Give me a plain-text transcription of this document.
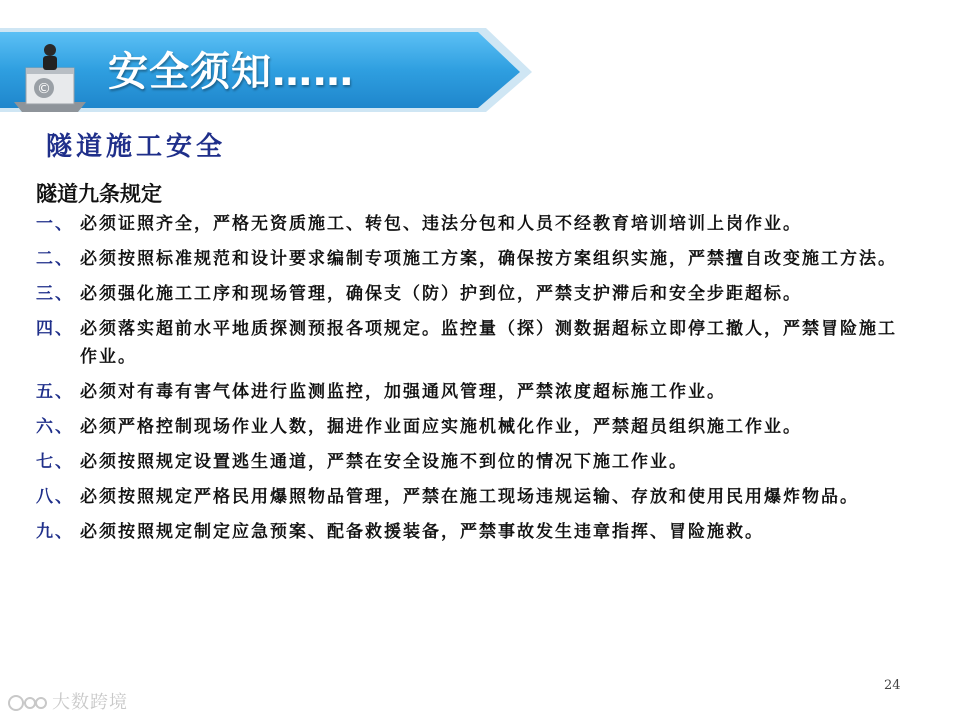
© 安全须知……
隧道施工安全
隧道九条规定
一、 必须证照齐全，严格无资质施工、转包、违法分包和人员不经教育培训培训上岗作业。
二、 必须按照标准规范和设计要求编制专项施工方案，确保按方案组织实施，严禁擅自改变施工方法。
三、 必须强化施工工序和现场管理，确保支（防）护到位，严禁支护滞后和安全步距超标。
四、 必须落实超前水平地质探测预报各项规定。监控量（探）测数据超标立即停工撤人，严禁冒险施工作业。
五、 必须对有毒有害气体进行监测监控，加强通风管理，严禁浓度超标施工作业。
六、 必须严格控制现场作业人数，掘进作业面应实施机械化作业，严禁超员组织施工作业。
七、 必须按照规定设置逃生通道，严禁在安全设施不到位的情况下施工作业。
八、 必须按照规定严格民用爆照物品管理，严禁在施工现场违规运输、存放和使用民用爆炸物品。
九、 必须按照规定制定应急预案、配备救援装备，严禁事故发生违章指挥、冒险施救。
24
大数跨境
